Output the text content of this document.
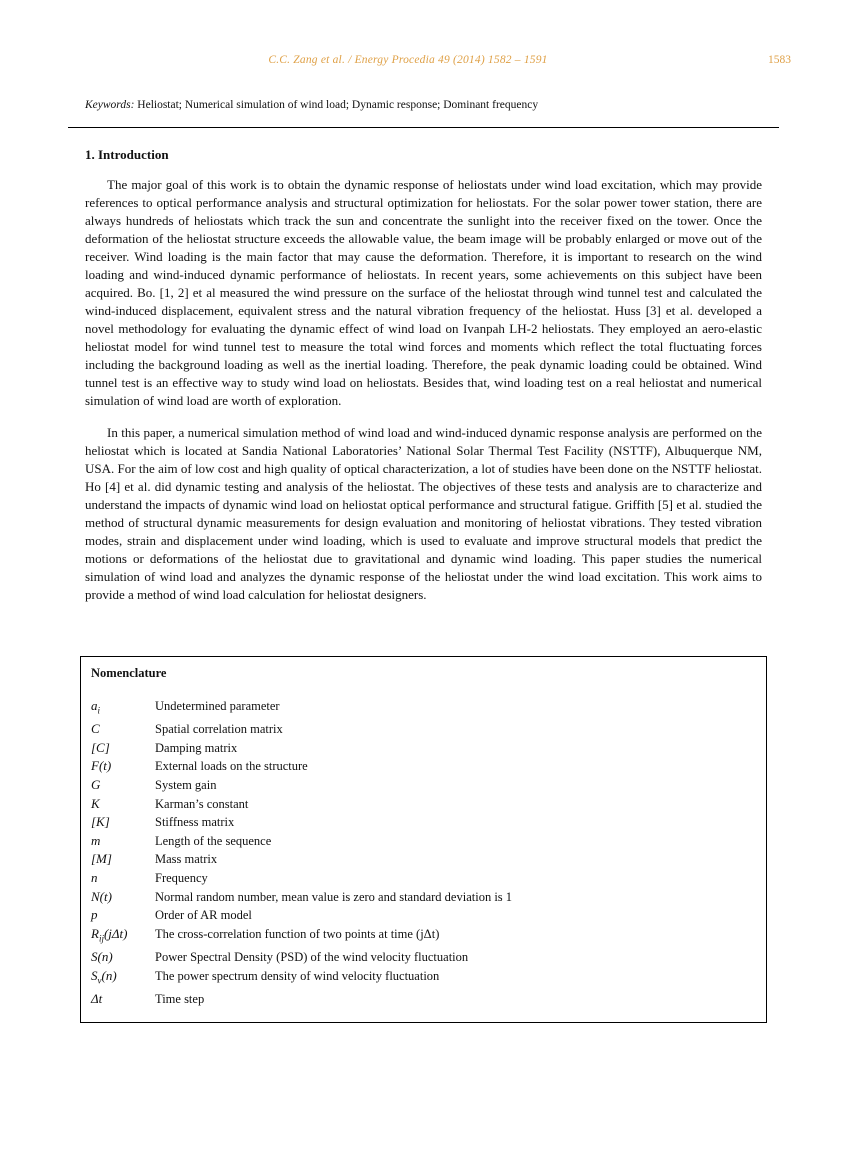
C.C. Zang et al. / Energy Procedia 49 (2014) 1582 – 1591	1583
Keywords: Heliostat; Numerical simulation of wind load; Dynamic response; Dominant frequency
1. Introduction

The major goal of this work is to obtain the dynamic response of heliostats under wind load excitation, which may provide references to optical performance analysis and structural optimization for heliostats. For the solar power tower station, there are always hundreds of heliostats which track the sun and concentrate the sunlight into the receiver fixed on the tower. Once the deformation of the heliostat structure exceeds the allowable value, the beam image will be probably enlarged or move out of the receiver. Wind loading is the main factor that may cause the deformation. Therefore, it is important to research on the wind loading and wind-induced dynamic performance of heliostats. In recent years, some achievements on this subject have been acquired. Bo. [1, 2] et al measured the wind pressure on the surface of the heliostat through wind tunnel test and calculated the wind-induced displacement, equivalent stress and the natural vibration frequency of the heliostat. Huss [3] et al. developed a novel methodology for evaluating the dynamic effect of wind load on Ivanpah LH-2 heliostats. They employed an aero-elastic heliostat model for wind tunnel test to measure the total wind forces and moments which reflect the total fluctuating forces including the background loading as well as the inertial loading. Therefore, the peak dynamic loading could be obtained. Wind tunnel test is an effective way to study wind load on heliostats. Besides that, wind loading test on a real heliostat and numerical simulation of wind load are worth of exploration.

In this paper, a numerical simulation method of wind load and wind-induced dynamic response analysis are performed on the heliostat which is located at Sandia National Laboratories’ National Solar Thermal Test Facility (NSTTF), Albuquerque NM, USA. For the aim of low cost and high quality of optical characterization, a lot of studies have been done on the NSTTF heliostat. Ho [4] et al. did dynamic testing and analysis of the heliostat. The objectives of these tests and analysis are to characterize and understand the impacts of dynamic wind load on heliostat optical performance and structural fatigue. Griffith [5] et al. studied the method of structural dynamic measurements for design evaluation and monitoring of heliostat vibrations. They tested vibration modes, strain and displacement under wind loading, which is used to evaluate and improve structural models that predict the motions or deformations of the heliostat due to gravitational and dynamic wind loading. This paper studies the numerical simulation of wind load and analyzes the dynamic response of the heliostat under the wind load excitation. This work aims to provide a method of wind load calculation for heliostat designers.

Nomenclature
$a_i$	Undetermined parameter
C	Spatial correlation matrix
[C]	Damping matrix
F(t)	External loads on the structure
G	System gain
K	Karman’s constant
[K]	Stiffness matrix
m	Length of the sequence
[M]	Mass matrix
n	Frequency
N(t)	Normal random number, mean value is zero and standard deviation is 1
p	Order of AR model
$R_{ij}(j\Delta t)$	The cross-correlation function of two points at time (jΔt)
S(n)	Power Spectral Density (PSD) of the wind velocity fluctuation
$S_v(n)$	The power spectrum density of wind velocity fluctuation
Δt	Time step
